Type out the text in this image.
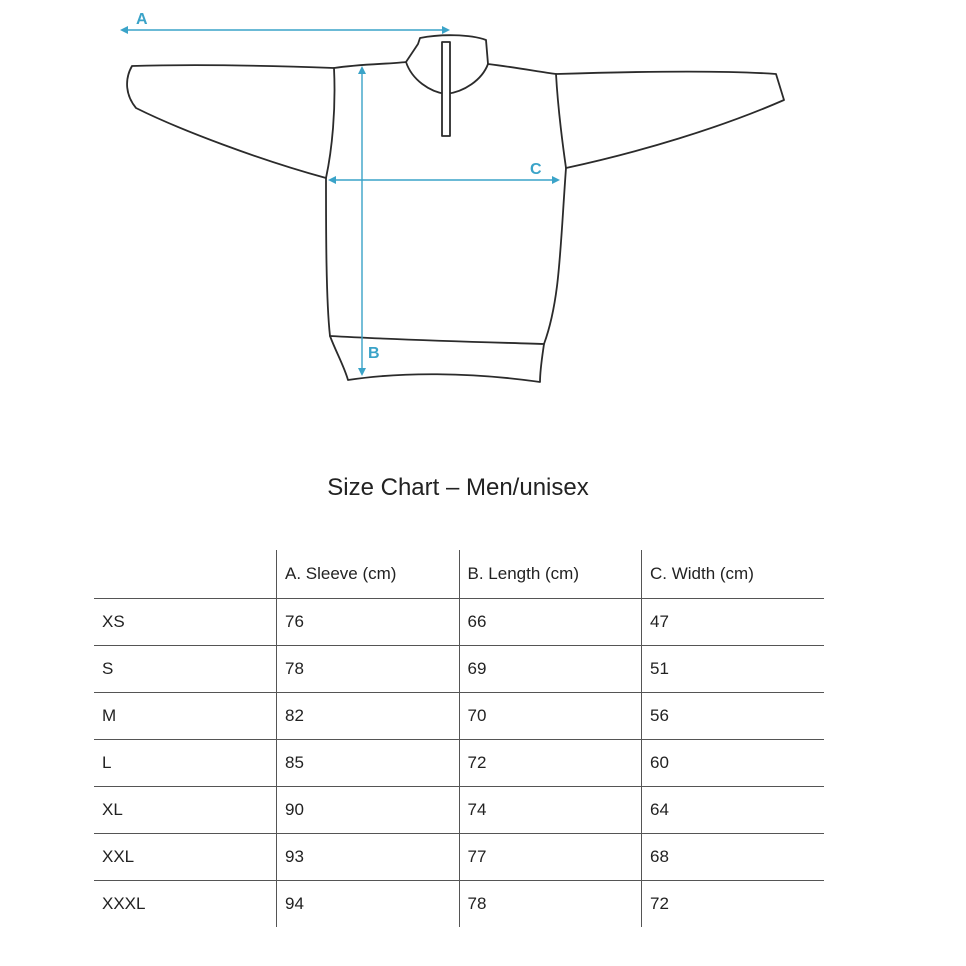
A
B
C
Size Chart – Men/unisex
	A. Sleeve (cm)	B. Length (cm)	C. Width (cm)
XS	76	66	47
S	78	69	51
M	82	70	56
L	85	72	60
XL	90	74	64
XXL	93	77	68
XXXL	94	78	72
